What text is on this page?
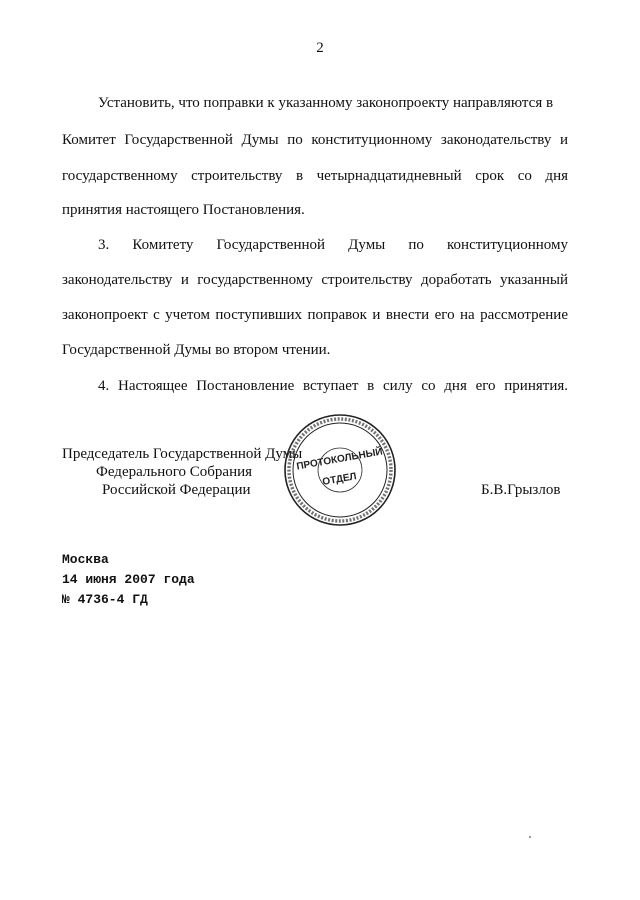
2
Установить, что поправки к указанному законопроекту направляются в
Комитет Государственной Думы по конституционному законодательству и
государственному строительству в четырнадцатидневный срок со дня
принятия настоящего Постановления.
3. Комитету Государственной Думы по конституционному
законодательству и государственному строительству доработать указанный
законопроект с учетом поступивших поправок и внести его на рассмотрение
Государственной Думы во втором чтении.
4. Настоящее Постановление вступает в силу со дня его принятия.
Председатель Государственной Думы
Федерального Собрания
Российской Федерации	Б.В.Грызлов
ПРОТОКОЛЬНЫЙ
ОТДЕЛ
Москва
14 июня 2007 года
№ 4736-4 ГД
